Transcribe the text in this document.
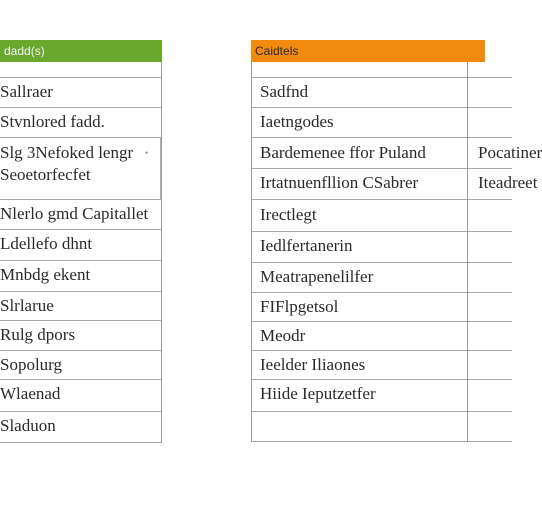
dadd(s)
Sallraer
Stvnlored fadd.
Slg 3Nefoked lengr
Seoetorfecfet
•
Nlerlo gmd Capitallet
Ldellefo dhnt
Mnbdg ekent
Slrlarue
Rulg dpors
Sopolurg
Wlaenad
Sladuon
Caidtels
Sadfnd
Iaetngodes
Bardemenee ffor Puland	Pocatiner
Irtatnuenfllion CSabrer	Iteadreet
Irectlegt
Iedlfertanerin
Meatrapenelilfer
FIFlpgetsol
Meodr
Ieelder Iliaones
Hiide Ieputzetfer
